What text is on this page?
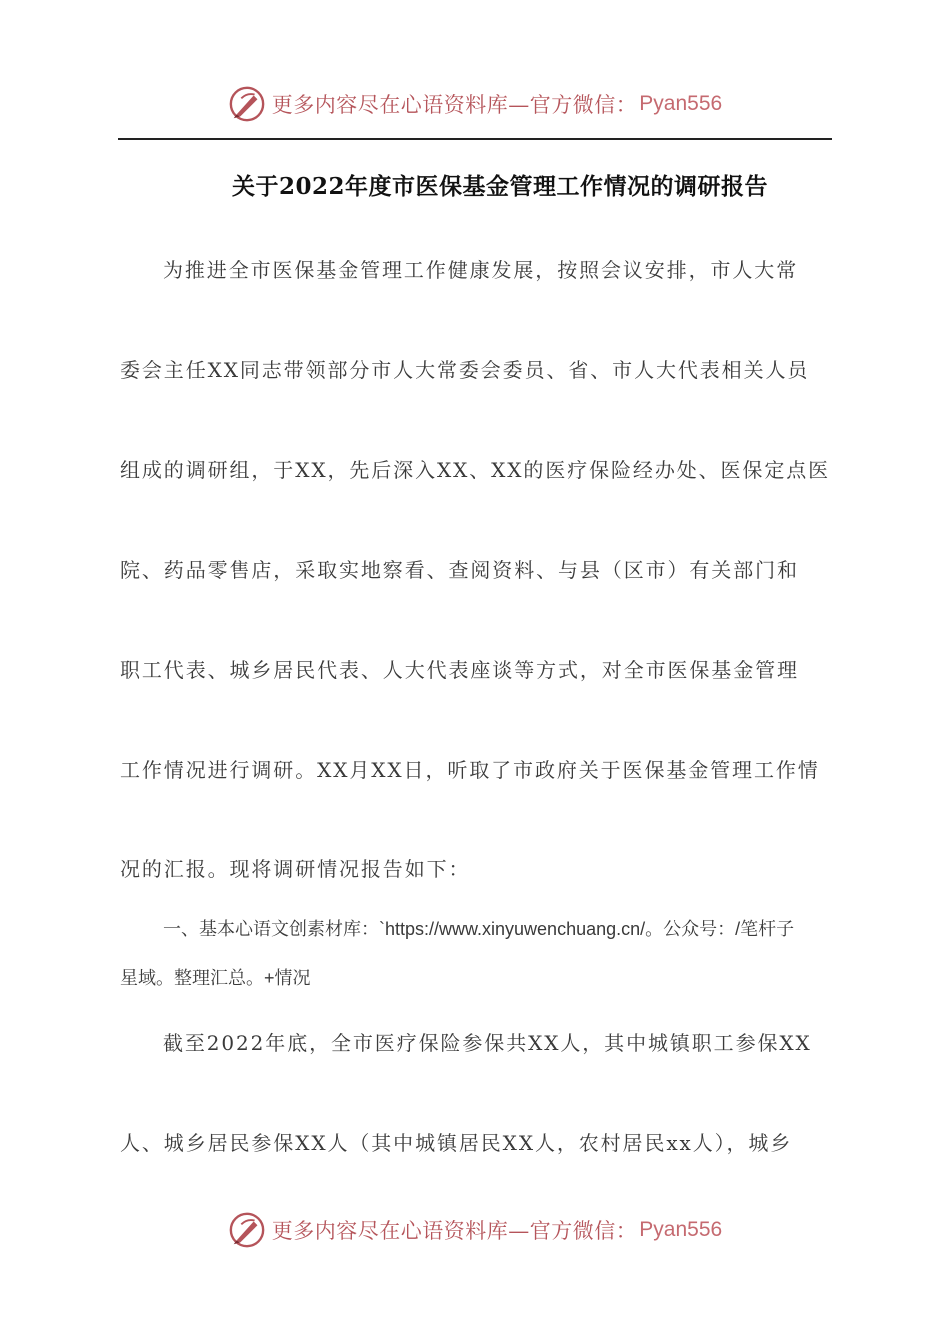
更多内容尽在心语资料库—官方微信： Pyan556
关于2022年度市医保基金管理工作情况的调研报告
为推进全市医保基金管理工作健康发展，按照会议安排，市人大常
委会主任XX同志带领部分市人大常委会委员、省、市人大代表相关人员
组成的调研组，于XX，先后深入XX、XX的医疗保险经办处、医保定点医
院、药品零售店，采取实地察看、查阅资料、与县（区市）有关部门和
职工代表、城乡居民代表、人大代表座谈等方式，对全市医保基金管理
工作情况进行调研。XX月XX日，听取了市政府关于医保基金管理工作情
况的汇报。现将调研情况报告如下：
一、基本心语文创素材库：`https://www.xinyuwenchuang.cn/。公众号：/笔杆子
星域。整理汇总。+情况
截至2022年底，全市医疗保险参保共XX人，其中城镇职工参保XX
人、城乡居民参保XX人（其中城镇居民XX人，农村居民xx人），城乡
更多内容尽在心语资料库—官方微信： Pyan556
